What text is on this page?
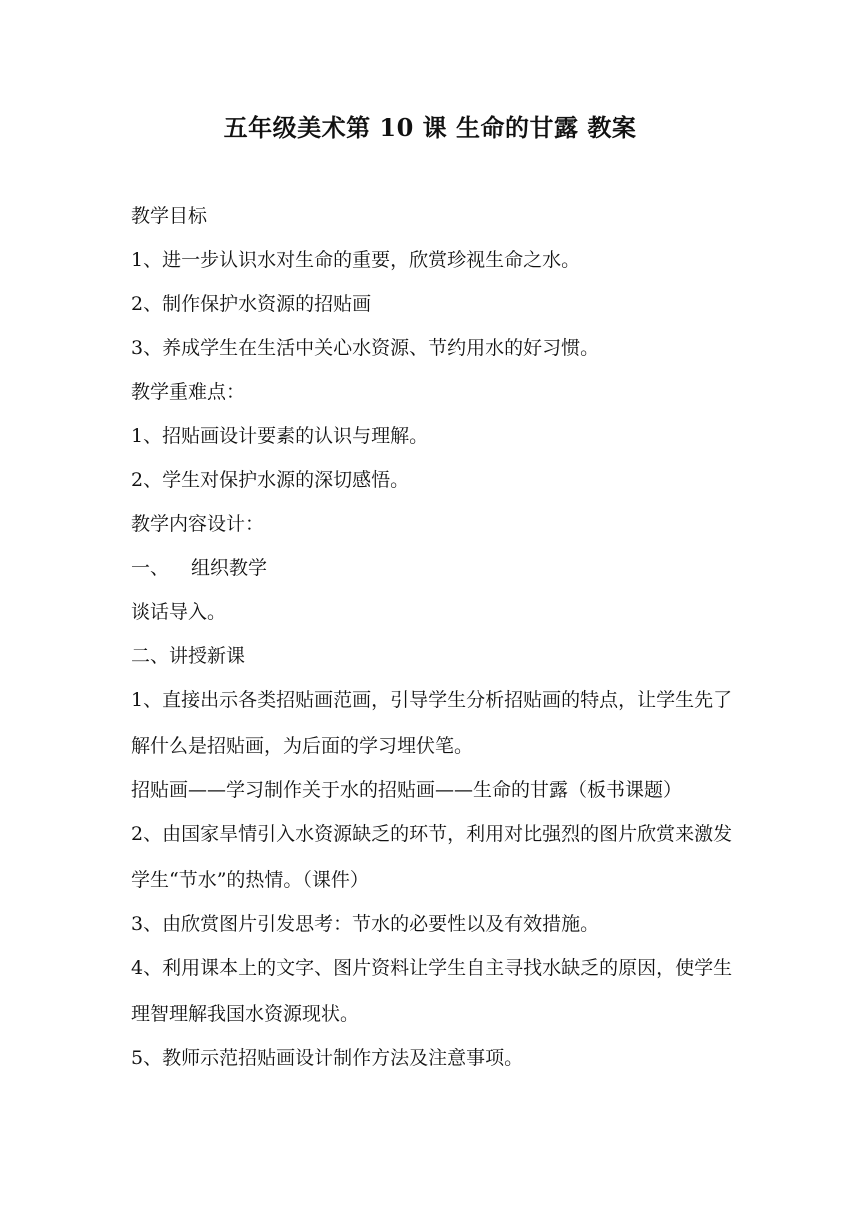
五年级美术第 10 课 生命的甘露 教案

教学目标

1、进一步认识水对生命的重要，欣赏珍视生命之水。

2、制作保护水资源的招贴画

3、养成学生在生活中关心水资源、节约用水的好习惯。

教学重难点：

1、招贴画设计要素的认识与理解。

2、学生对保护水源的深切感悟。

教学内容设计：

一、 组织教学

谈话导入。

二、讲授新课

1、直接出示各类招贴画范画，引导学生分析招贴画的特点，让学生先了解什么是招贴画，为后面的学习埋伏笔。

招贴画——学习制作关于水的招贴画——生命的甘露（板书课题）

2、由国家旱情引入水资源缺乏的环节，利用对比强烈的图片欣赏来激发学生“节水”的热情。（课件）

3、由欣赏图片引发思考：节水的必要性以及有效措施。

4、利用课本上的文字、图片资料让学生自主寻找水缺乏的原因，使学生理智理解我国水资源现状。

5、教师示范招贴画设计制作方法及注意事项。
